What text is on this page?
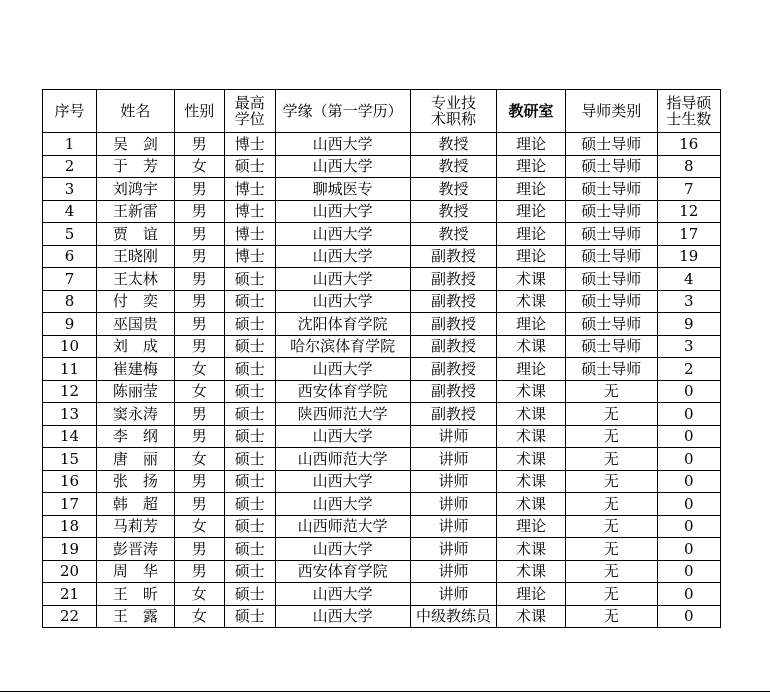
序号	姓名	性别	最高学位	学缘（第一学历）	专业技术职称	教研室	导师类别	指导硕士生数
1	吴　剑	男	博士	山西大学	教授	理论	硕士导师	16
2	于　芳	女	硕士	山西大学	教授	理论	硕士导师	8
3	刘鸿宇	男	博士	聊城医专	教授	理论	硕士导师	7
4	王新雷	男	博士	山西大学	教授	理论	硕士导师	12
5	贾　谊	男	博士	山西大学	教授	理论	硕士导师	17
6	王晓刚	男	博士	山西大学	副教授	理论	硕士导师	19
7	王太林	男	硕士	山西大学	副教授	术课	硕士导师	4
8	付　奕	男	硕士	山西大学	副教授	术课	硕士导师	3
9	巫国贵	男	硕士	沈阳体育学院	副教授	理论	硕士导师	9
10	刘　成	男	硕士	哈尔滨体育学院	副教授	术课	硕士导师	3
11	崔建梅	女	硕士	山西大学	副教授	理论	硕士导师	2
12	陈丽莹	女	硕士	西安体育学院	副教授	术课	无	0
13	窦永涛	男	硕士	陕西师范大学	副教授	术课	无	0
14	李　纲	男	硕士	山西大学	讲师	术课	无	0
15	唐　丽	女	硕士	山西师范大学	讲师	术课	无	0
16	张　扬	男	硕士	山西大学	讲师	术课	无	0
17	韩　超	男	硕士	山西大学	讲师	术课	无	0
18	马莉芳	女	硕士	山西师范大学	讲师	理论	无	0
19	彭晋涛	男	硕士	山西大学	讲师	术课	无	0
20	周　华	男	硕士	西安体育学院	讲师	术课	无	0
21	王　昕	女	硕士	山西大学	讲师	理论	无	0
22	王　露	女	硕士	山西大学	中级教练员	术课	无	0
